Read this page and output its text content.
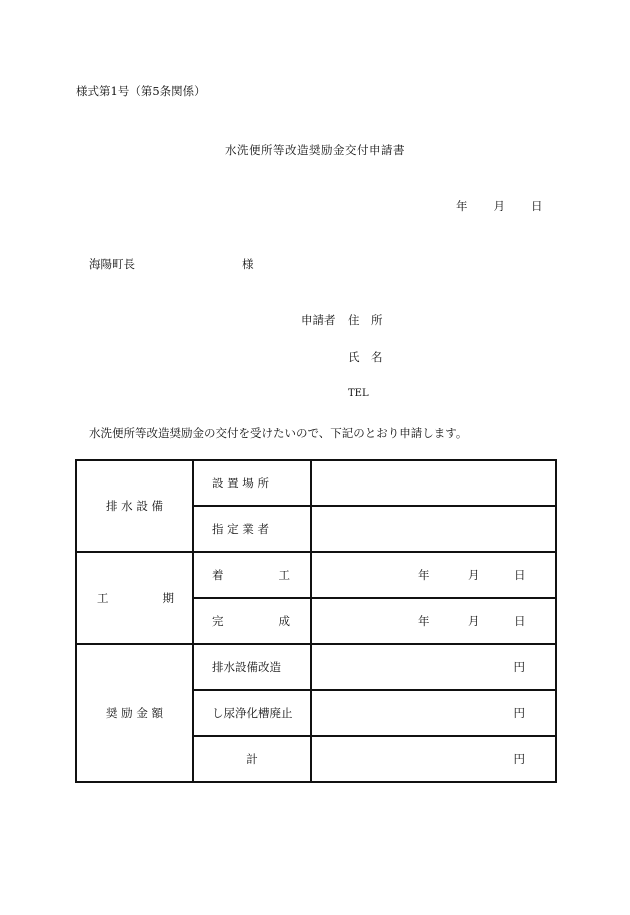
様式第1号（第5条関係）
水洗便所等改造奨励金交付申請書
年 月 日
海陽町長	様
申請者 住　所
氏　名
TEL
水洗便所等改造奨励金の交付を受けたいので、下記のとおり申請します。
排 水 設 備	設 置 場 所	
	指 定 業 者	

工 期	着 工	年 月 日

	完 成	年 月 日

奨 励 金 額	排水設備改造	円

	し尿浄化槽廃止	円

	計	円
